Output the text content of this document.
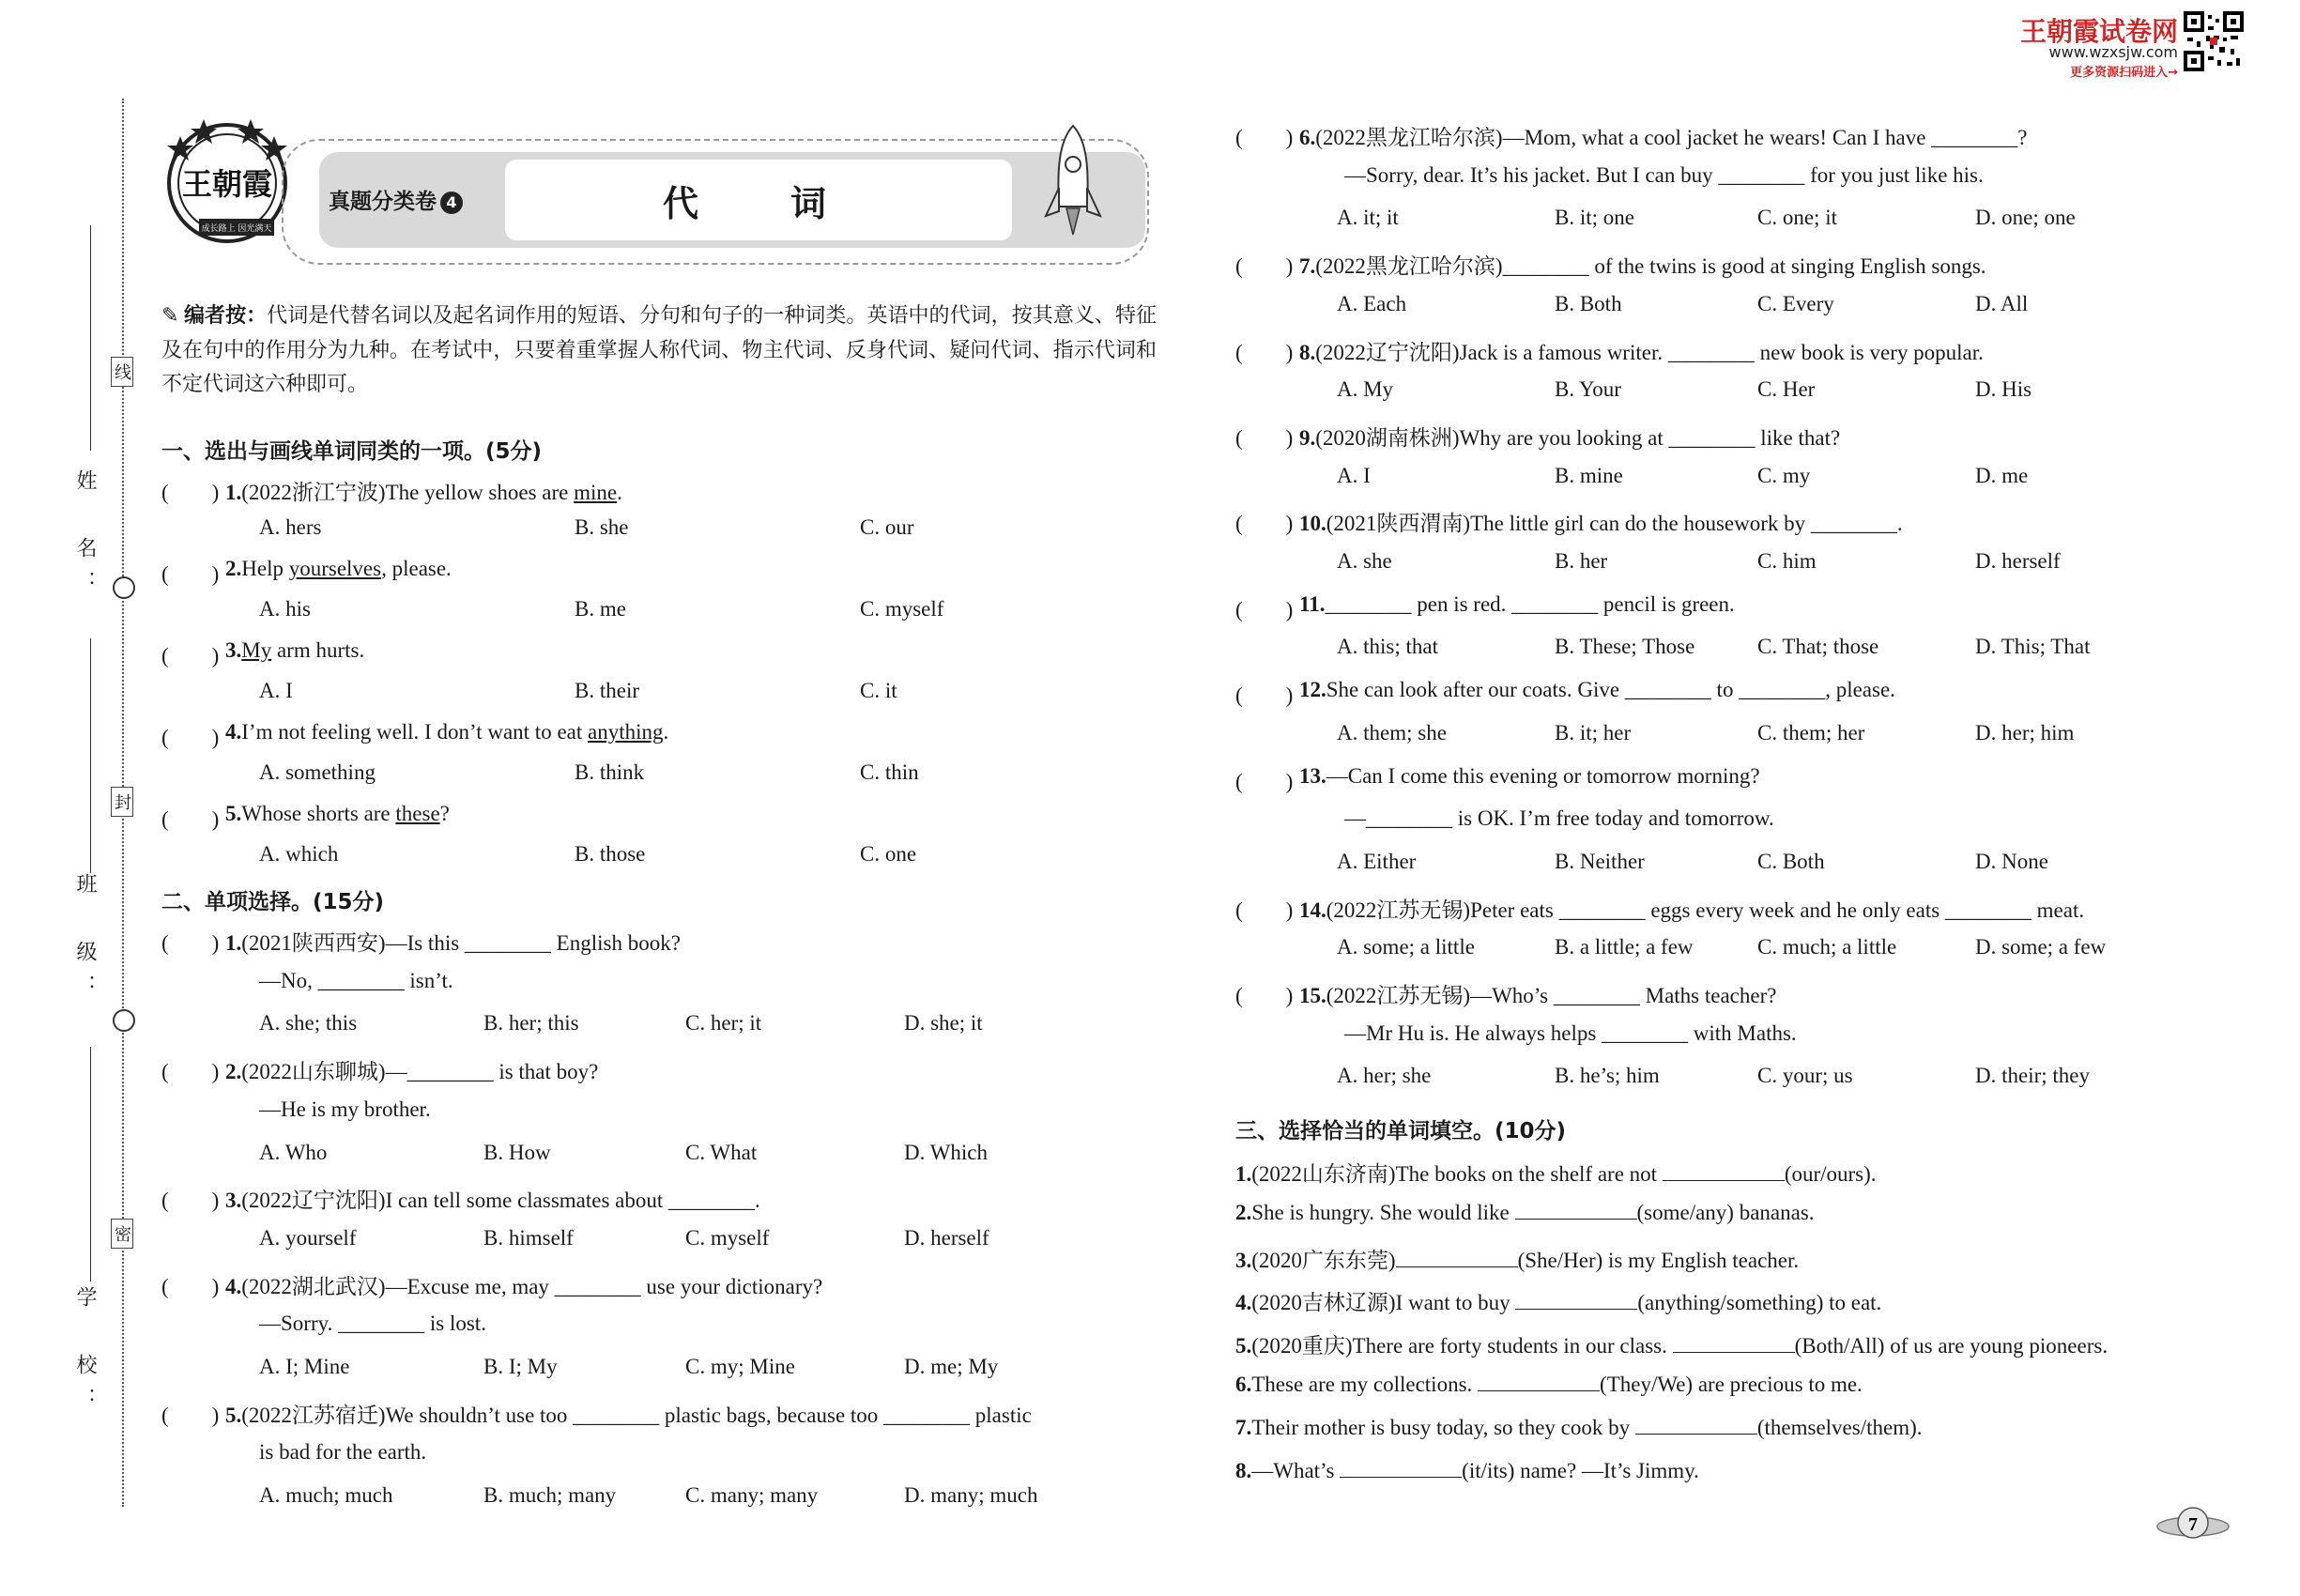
姓　名：
班　级：
学　校：
线
封
密
王朝霞
成长路上 因光满天
真题分类卷 4	代　词
王朝霞试卷网
www.wzxsjw.com
更多资源扫码进入→
✎ 编者按：代词是代替名词以及起名词作用的短语、分句和句子的一种词类。英语中的代词，按其意义、特征及在句中的作用分为九种。在考试中，只要着重掌握人称代词、物主代词、反身代词、疑问代词、指示代词和不定代词这六种即可。
一、选出与画线单词同类的一项。(5分)
(　　) 1.(2022浙江宁波)The yellow shoes are mine.
A. hers	B. she	C. our
(　　) 2.Help yourselves, please.
A. his	B. me	C. myself
(　　) 3.My arm hurts.
A. I	B. their	C. it
(　　) 4.I’m not feeling well. I don’t want to eat anything.
A. something	B. think	C. thin
(　　) 5.Whose shorts are these?
A. which	B. those	C. one
二、单项选择。(15分)
(　　) 1.(2021陕西西安)—Is this ________ English book?
—No, ________ isn’t.
A. she; this	B. her; this	C. her; it	D. she; it
(　　) 2.(2022山东聊城)—________ is that boy?
—He is my brother.
A. Who	B. How	C. What	D. Which
(　　) 3.(2022辽宁沈阳)I can tell some classmates about ________.
A. yourself	B. himself	C. myself	D. herself
(　　) 4.(2022湖北武汉)—Excuse me, may ________ use your dictionary?
—Sorry. ________ is lost.
A. I; Mine	B. I; My	C. my; Mine	D. me; My
(　　) 5.(2022江苏宿迁)We shouldn’t use too ________ plastic bags, because too ________ plastic
is bad for the earth.
A. much; much	B. much; many	C. many; many	D. many; much
(　　) 6.(2022黑龙江哈尔滨)—Mom, what a cool jacket he wears! Can I have ________?
—Sorry, dear. It’s his jacket. But I can buy ________ for you just like his.
A. it; it	B. it; one	C. one; it	D. one; one
(　　) 7.(2022黑龙江哈尔滨)________ of the twins is good at singing English songs.
A. Each	B. Both	C. Every	D. All
(　　) 8.(2022辽宁沈阳)Jack is a famous writer. ________ new book is very popular.
A. My	B. Your	C. Her	D. His
(　　) 9.(2020湖南株洲)Why are you looking at ________ like that?
A. I	B. mine	C. my	D. me
(　　) 10.(2021陕西渭南)The little girl can do the housework by ________.
A. she	B. her	C. him	D. herself
(　　) 11.________ pen is red. ________ pencil is green.
A. this; that	B. These; Those	C. That; those	D. This; That
(　　) 12.She can look after our coats. Give ________ to ________, please.
A. them; she	B. it; her	C. them; her	D. her; him
(　　) 13.—Can I come this evening or tomorrow morning?
—________ is OK. I’m free today and tomorrow.
A. Either	B. Neither	C. Both	D. None
(　　) 14.(2022江苏无锡)Peter eats ________ eggs every week and he only eats ________ meat.
A. some; a little	B. a little; a few	C. much; a little	D. some; a few
(　　) 15.(2022江苏无锡)—Who’s ________ Maths teacher?
—Mr Hu is. He always helps ________ with Maths.
A. her; she	B. he’s; him	C. your; us	D. their; they
三、选择恰当的单词填空。(10分)
1.(2022山东济南)The books on the shelf are not	(our/ours).
2.She is hungry. She would like	(some/any) bananas.
3.(2020广东东莞)	(She/Her) is my English teacher.
4.(2020吉林辽源)I want to buy	(anything/something) to eat.
5.(2020重庆)There are forty students in our class.	(Both/All) of us are young pioneers.
6.These are my collections.	(They/We) are precious to me.
7.Their mother is busy today, so they cook by	(themselves/them).
8.—What’s	(it/its) name? —It’s Jimmy.
7
